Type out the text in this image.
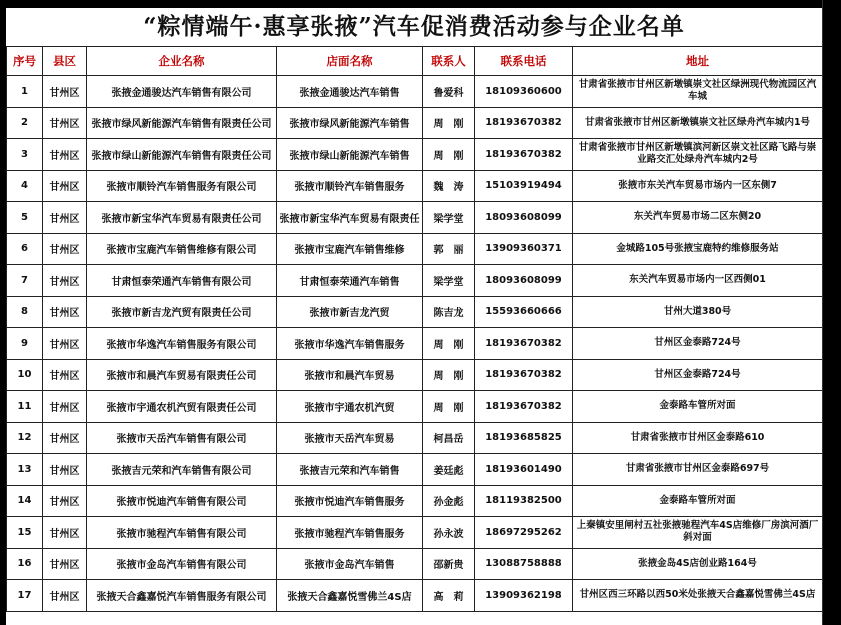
“粽情端午·惠享张掖”汽车促消费活动参与企业名单
序号	县区	企业名称	店面名称	联系人	联系电话	地址
1	甘州区	张掖金通骏达汽车销售有限公司	张掖金通骏达汽车销售	鲁爱科	18109360600	甘肃省张掖市甘州区新墩镇崇文社区绿洲现代物流园区汽车城
2	甘州区	张掖市绿风新能源汽车销售有限责任公司	张掖市绿风新能源汽车销售	周　刚	18193670382	甘肃省张掖市甘州区新墩镇崇文社区绿舟汽车城内1号
3	甘州区	张掖市绿山新能源汽车销售有限责任公司	张掖市绿山新能源汽车销售	周　刚	18193670382	甘肃省张掖市甘州区新墩镇滨河新区崇文社区路飞路与崇业路交汇处绿舟汽车城内2号
4	甘州区	张掖市顺铃汽车销售服务有限公司	张掖市顺铃汽车销售服务	魏　涛	15103919494	张掖市东关汽车贸易市场内一区东侧7
5	甘州区	张掖市新宝华汽车贸易有限责任公司	张掖市新宝华汽车贸易有限责任	梁学堂	18093608099	东关汽车贸易市场二区东侧20
6	甘州区	张掖市宝鹿汽车销售维修有限公司	张掖市宝鹿汽车销售维修	郭　丽	13909360371	金城路105号张掖宝鹿特约维修服务站
7	甘州区	甘肃恒泰荣通汽车销售有限公司	甘肃恒泰荣通汽车销售	梁学堂	18093608099	东关汽车贸易市场内一区西侧01
8	甘州区	张掖市新吉龙汽贸有限责任公司	张掖市新吉龙汽贸	陈吉龙	15593660666	甘州大道380号
9	甘州区	张掖市华逸汽车销售服务有限公司	张掖市华逸汽车销售服务	周　刚	18193670382	甘州区金泰路724号
10	甘州区	张掖市和晨汽车贸易有限责任公司	张掖市和晨汽车贸易	周　刚	18193670382	甘州区金泰路724号
11	甘州区	张掖市宇通农机汽贸有限责任公司	张掖市宇通农机汽贸	周　刚	18193670382	金泰路车管所对面
12	甘州区	张掖市天岳汽车销售有限公司	张掖市天岳汽车贸易	柯昌岳	18193685825	甘肃省张掖市甘州区金泰路610
13	甘州区	张掖吉元荣和汽车销售有限公司	张掖吉元荣和汽车销售	姜廷彪	18193601490	甘肃省张掖市甘州区金泰路697号
14	甘州区	张掖市悦迪汽车销售有限公司	张掖市悦迪汽车销售服务	孙金彪	18119382500	金泰路车管所对面
15	甘州区	张掖市驰程汽车销售有限公司	张掖市驰程汽车销售服务	孙永波	18697295262	上秦镇安里闸村五社张掖驰程汽车4S店维修厂房滨河酒厂斜对面
16	甘州区	张掖市金岛汽车销售有限公司	张掖市金岛汽车销售	邵新贵	13088758888	张掖金岛4S店创业路164号
17	甘州区	张掖天合鑫嘉悦汽车销售服务有限公司	张掖天合鑫嘉悦雪佛兰4S店	高　莉	13909362198	甘州区西三环路以西50米处张掖天合鑫嘉悦雪佛兰4S店
